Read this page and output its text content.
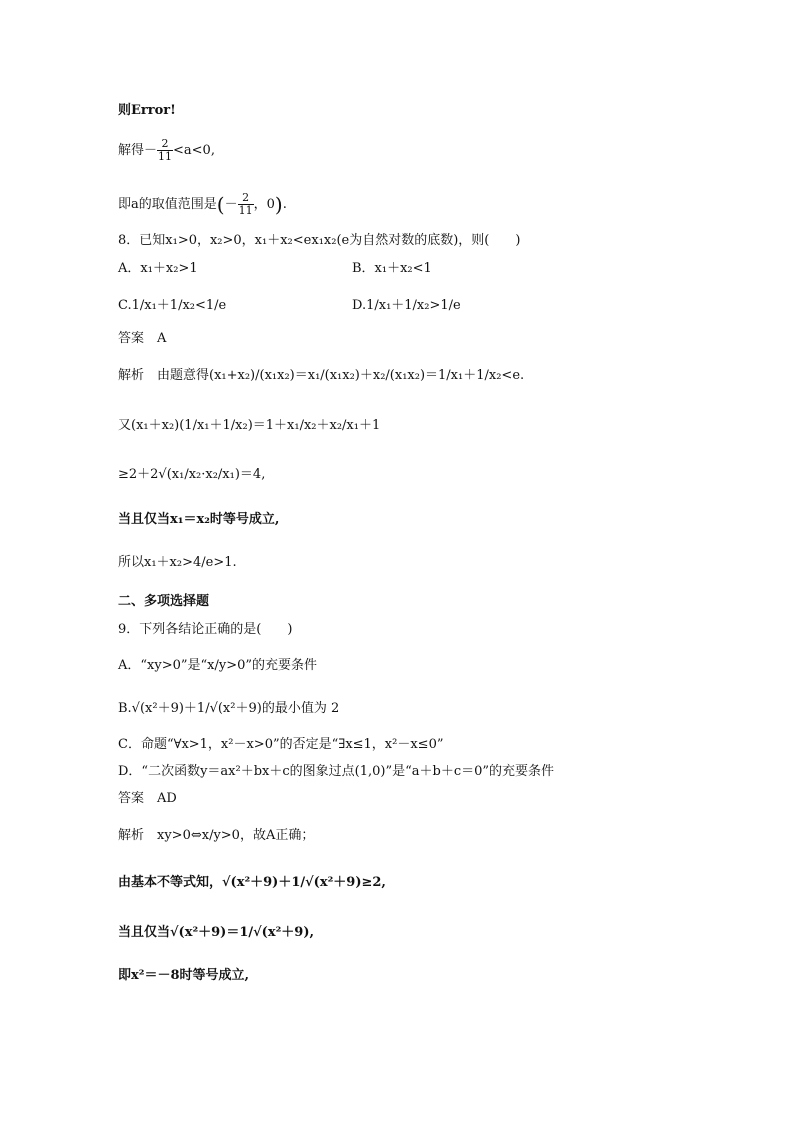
则Error!
解得－ $\frac{2}{11} <a<0$,
即a的取值范围是(－ $\frac{2}{11}$ ，0).
8．已知x₁>0，x₂>0，x₁＋x₂<ex₁x₂(e为自然对数的底数)，则(　　)
A．x₁＋x₂>1	B．x₁＋x₂<1
C.1/x₁＋1/x₂<1/e	D.1/x₁＋1/x₂>1/e
答案　A
解析　由题意得(x₁+x₂)/(x₁x₂)＝x₁/(x₁x₂)＋x₂/(x₁x₂)＝1/x₁＋1/x₂<e.
又(x₁＋x₂)(1/x₁＋1/x₂)＝1＋x₁/x₂＋x₂/x₁＋1
≥2＋2√(x₁/x₂·x₂/x₁)＝4,
当且仅当x₁＝x₂时等号成立,
所以x₁＋x₂>4/e>1.
二、多项选择题
9．下列各结论正确的是(　　)
A．“xy>0”是“x/y>0”的充要条件
B.√(x²＋9)＋1/√(x²＋9)的最小值为 2
C．命题“∀x>1，x²－x>0”的否定是“∃x≤1，x²－x≤0”
D．“二次函数y＝ax²＋bx＋c的图象过点(1,0)”是“a＋b＋c＝0”的充要条件
答案　AD
解析　xy>0⇔x/y>0，故A正确；
由基本不等式知，√(x²＋9)＋1/√(x²＋9)≥2,
当且仅当√(x²＋9)＝1/√(x²＋9),
即x²＝－8时等号成立,
